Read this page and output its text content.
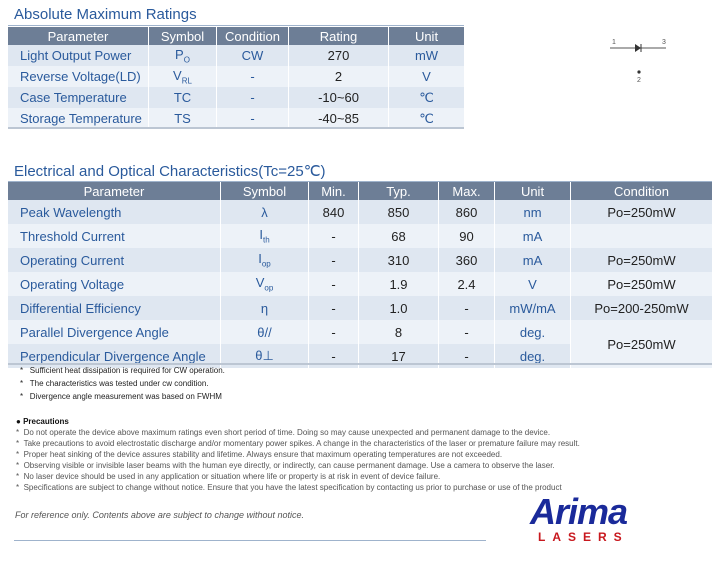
Absolute Maximum Ratings
Parameter	Symbol	Condition	Rating	Unit
Light Output Power	$P_O$	CW	270	mW
Reverse Voltage(LD)	$V_{RL}$	-	2	V
Case Temperature	TC	-	-10~60	℃
Storage Temperature	TS	-	-40~85	℃
1	3
2
Electrical and Optical Characteristics(Tc=25℃)
Parameter	Symbol	Min.	Typ.	Max.	Unit	Condition
Peak Wavelength	λ	840	850	860	nm	Po=250mW
Threshold Current	$I_{th}$	-	68	90	mA	
Operating Current	$I_{op}$	-	310	360	mA	Po=250mW
Operating Voltage	$V_{op}$	-	1.9	2.4	V	Po=250mW
Differential Efficiency	η	-	1.0	-	mW/mA	Po=200-250mW
Parallel Divergence Angle	θ//	-	8	-	deg.	Po=250mW
Perpendicular Divergence Angle	θ⊥	-	17	-	deg.	
* Sufficient heat dissipation is required for CW operation.
* The characteristics was tested under cw condition.
* Divergence angle measurement was based on FWHM
● Precautions
* Do not operate the device above maximum ratings even short period of time. Doing so may cause unexpected and permanent damage to the device.
* Take precautions to avoid electrostatic discharge and/or momentary power spikes. A change in the characteristics of the laser or premature failure may result.
* Proper heat sinking of the device assures stability and lifetime. Always ensure that maximum operating temperatures are not exceeded.
* Observing visible or invisible laser beams with the human eye directly, or indirectly, can cause permanent damage. Use a camera to observe the laser.
* No laser device should be used in any application or situation where life or property is at risk in event of device failure.
* Specifications are subject to change without notice. Ensure that you have the latest specification by contacting us prior to purchase or use of the product
For reference only. Contents above are subject to change without notice.	Arima
LASERS
